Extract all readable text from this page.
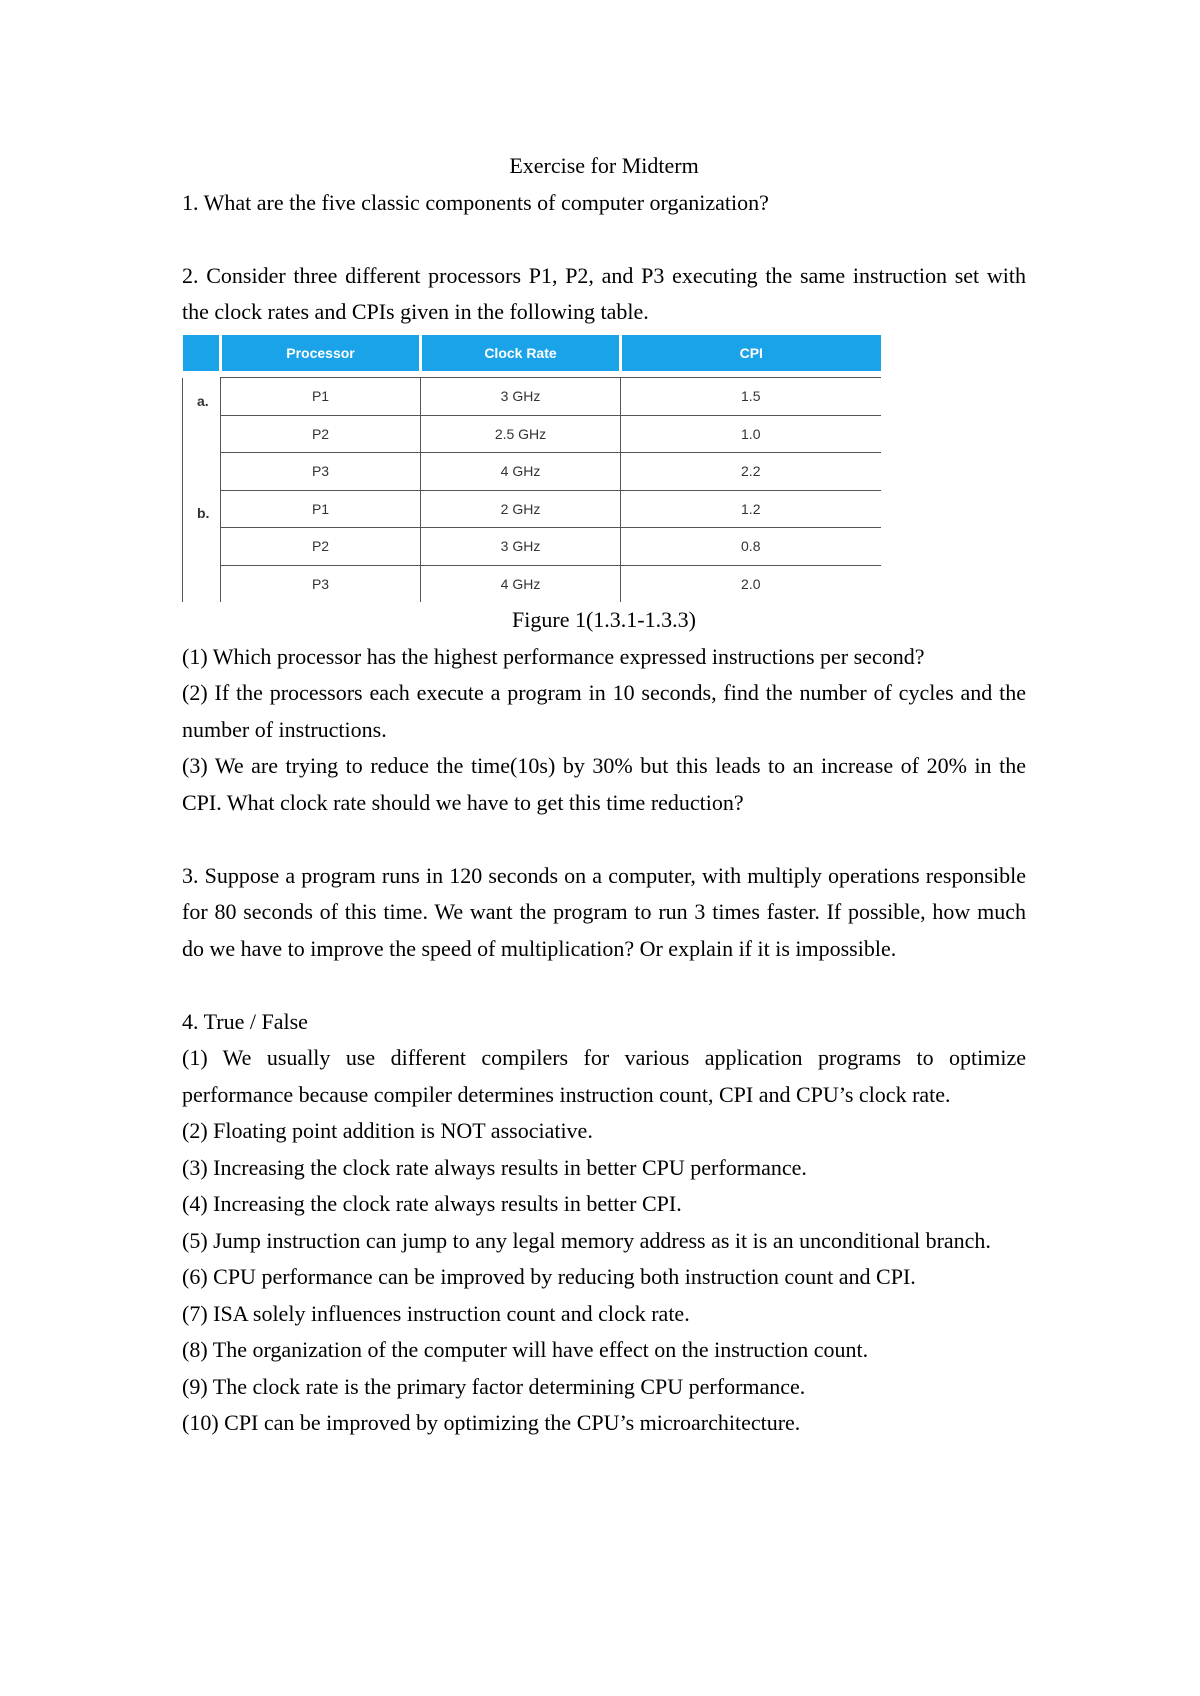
Exercise for Midterm

1. What are the five classic components of computer organization?

2. Consider three different processors P1, P2, and P3 executing the same instruction set with the clock rates and CPIs given in the following table.

	Processor	Clock Rate	CPI

a.	P1	3 GHz	1.5
	P2	2.5 GHz	1.0
	P3	4 GHz	2.2
b.	P1	2 GHz	1.2
	P2	3 GHz	0.8
	P3	4 GHz	2.0

Figure 1(1.3.1-1.3.3)

(1) Which processor has the highest performance expressed instructions per second?

(2) If the processors each execute a program in 10 seconds, find the number of cycles and the number of instructions.

(3) We are trying to reduce the time(10s) by 30% but this leads to an increase of 20% in the CPI. What clock rate should we have to get this time reduction?

3. Suppose a program runs in 120 seconds on a computer, with multiply operations responsible for 80 seconds of this time. We want the program to run 3 times faster. If possible, how much do we have to improve the speed of multiplication? Or explain if it is impossible.

4. True / False

(1) We usually use different compilers for various application programs to optimize performance because compiler determines instruction count, CPI and CPU’s clock rate.

(2) Floating point addition is NOT associative.

(3) Increasing the clock rate always results in better CPU performance.

(4) Increasing the clock rate always results in better CPI.

(5) Jump instruction can jump to any legal memory address as it is an unconditional branch.

(6) CPU performance can be improved by reducing both instruction count and CPI.

(7) ISA solely influences instruction count and clock rate.

(8) The organization of the computer will have effect on the instruction count.

(9) The clock rate is the primary factor determining CPU performance.

(10) CPI can be improved by optimizing the CPU’s microarchitecture.
